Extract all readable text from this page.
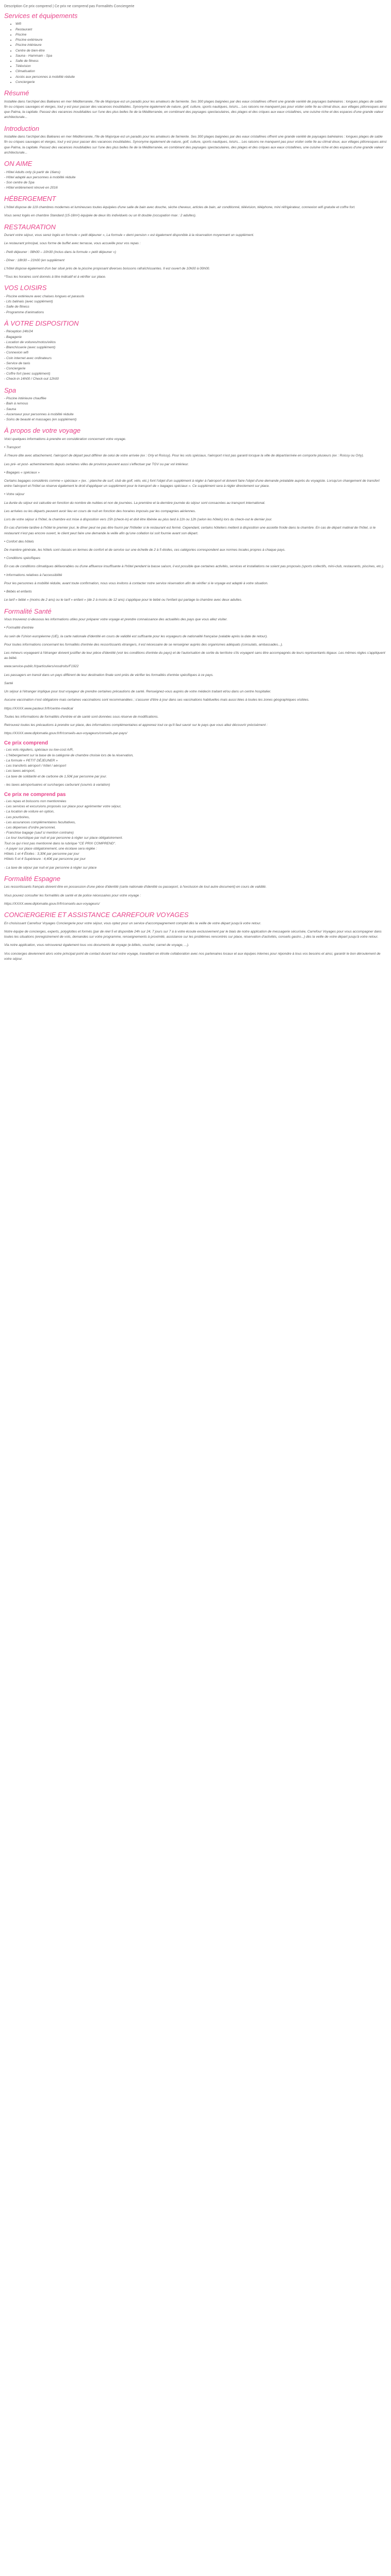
Description Ce prix comprend | Ce prix ne comprend pas Formalités Conciergerie
Services et équipements
• Wifi
• Restaurant
• Piscine
• Piscine extérieure
• Piscine intérieure
• Centre de bien-être
• Sauna - Hammam - Spa
• Salle de fitness
• Télévision
• Climatisation
• Accès aux personnes à mobilité réduite
• Conciergerie
Résumé

Installée dans l'archipel des Baléares en mer Méditerranée, l'île de Majorque est un paradis pour les amateurs de farniente. Ses 300 plages baignées par des eaux cristallines offrent une grande variété de paysages balnéaires : longues plages de sable fin ou criques sauvages et vierges, tout y est pour passer des vacances inoubliables. Synonyme également de nature, golf, culture, sports nautiques, loisirs... Les raisons ne manquent pas pour visiter cette île au climat doux, aux villages pittoresques ainsi que Palma, la capitale. Passez des vacances inoubliables sur l'une des plus belles île de la Méditerranée, en combinant des paysages spectaculaires, des plages et des criques aux eaux cristallines, une cuisine riche et des espaces d'une grande valeur architecturale...

Introduction

Installée dans l'archipel des Baléares en mer Méditerranée, l'île de Majorque est un paradis pour les amateurs de farniente. Ses 300 plages baignées par des eaux cristallines offrent une grande variété de paysages balnéaires : longues plages de sable fin ou criques sauvages et vierges, tout y est pour passer des vacances inoubliables. Synonyme également de nature, golf, culture, sports nautiques, loisirs... Les raisons ne manquent pas pour visiter cette île au climat doux, aux villages pittoresques ainsi que Palma, la capitale. Passez des vacances inoubliables sur l'une des plus belles île de la Méditerranée, en combinant des paysages spectaculaires, des plages et des criques aux eaux cristallines, une cuisine riche et des espaces d'une grande valeur architecturale...

ON AIME
- Hôtel Adults only (à partir de 16ans)
- Hôtel adapté aux personnes à mobilité réduite
- Son centre de Spa
- Hôtel entièrement rénové en 2016
HÉBERGEMENT

L'hôtel dispose de 119 chambres modernes et lumineuses toutes équipées d'une salle de bain avec douche, sèche cheveux, articles de bain, air conditionné, télévision, téléphone, mini réfrigérateur, connexion wifi gratuite et coffre fort.

Vous serez logés en chambre Standard (15-18m²) équipée de deux lits individuels ou un lit double (occupation max : 2 adultes).

RESTAURATION

Durant votre séjour, vous serez logés en formule « petit déjeuner », La formule « demi pension » est également disponible à la réservation moyennant un supplément.

Le restaurant principal, sous forme de buffet avec terrasse, vous accueille pour vos repas :

- Petit déjeuner : 08h00 – 10h30 (inclus dans la formule « petit déjeuner »)

- Dîner : 18h30 – 21h00 (en supplément

L'hôtel dispose également d'un bar situé près de la piscine proposant diverses boissons rafraîchissantes. Il est ouvert de 10h00 à 00h00.

*Tous les horaires sont donnés à titre indicatif et à vérifier sur place.

VOS LOISIRS
- Piscine extérieure avec chaises longues et parasols
- Lits balinais (avec supplément)
- Salle de fitness
- Programme d'animations
À VOTRE DISPOSITION
- Réception 24h/24
- Bagagerie
- Location de voitures/motos/vélos
- Blanchisserie (avec supplément)
- Connexion wifi
- Coin internet avec ordinateurs
- Service de taxis
- Conciergerie
- Coffre fort (avec supplément)
- Check-in 14h00 / Check-out 12h00
Spa
- Piscine intérieure chauffée
- Bain à remous
- Sauna
- Ascenseur pour personnes à mobilité réduite
- Soins de beauté et massages (en supplément)
À propos de votre voyage

Voici quelques informations à prendre en considération concernant votre voyage.

• Transport

À l'heure dite avec attachement, l'aéroport de départ peut différer de celui de votre arrivée (ex : Orly et Roissy). Pour les vols spéciaux, l'aéroport n'est pas garanti lorsque la ville de départ/arrivée en comporte plusieurs (ex : Roissy ou Orly).

Les pré- et post- acheminements depuis certaines villes de province peuvent aussi s'effectuer par TGV ou par vol intérieur.

• Bagages « spéciaux »

Certains bagages considérés comme « spéciaux » (ex. : planche de surf, club de golf, vélo, etc.) font l'objet d'un supplément à régler à l'aéroport et doivent faire l'objet d'une demande préalable auprès du voyagiste. Lorsqu'un changement de transfert entre l'aéroport et l'hôtel se réserve également le droit d'appliquer un supplément pour le transport de « bagages spéciaux ». Ce supplément sera à régler directement sur place.

• Votre séjour

La durée du séjour est calculée en fonction du nombre de nuitées et non de journées. La première et la dernière journée du séjour sont consacrées au transport international.

Les arrivées ou les départs peuvent avoir lieu en cours de nuit en fonction des horaires imposés par les compagnies aériennes.

Lors de votre séjour à l'hôtel, la chambre est mise à disposition vers 15h (check-in) et doit être libérée au plus tard à 11h ou 12h (selon les hôtels) lors du check-out le dernier jour.

En cas d'arrivée tardive à l'hôtel le premier jour, le dîner peut ne pas être fourni par l'hôtelier si le restaurant est fermé. Cependant, certains hôteliers mettent à disposition une assiette froide dans la chambre. En cas de départ matinal de l'hôtel, si le restaurant n'est pas encore ouvert, le client peut faire une demande la veille afin qu'une collation lui soit fournie avant son départ.

• Confort des hôtels

De manière générale, les hôtels sont classés en termes de confort et de service sur une échelle de 2 à 5 étoiles, ces catégories correspondent aux normes locales propres à chaque pays.

• Conditions spécifiques

En cas de conditions climatiques défavorables ou d'une affluence insuffisante à l'hôtel pendant la basse saison, il est possible que certaines activités, services et installations ne soient pas proposés (sports collectifs, mini-club, restaurants, piscines, etc.).

• Informations relatives à l'accessibilité

Pour les personnes à mobilité réduite, avant toute confirmation, nous vous invitons à contacter notre service réservation afin de vérifier si le voyage est adapté à votre situation.

• Bébés et enfants

Le tarif « bébé » (moins de 2 ans) ou le tarif « enfant » (de 2 à moins de 12 ans) s'applique pour le bébé ou l'enfant qui partage la chambre avec deux adultes.

Formalité Santé

Vous trouverez ci-dessous les informations utiles pour préparer votre voyage et prendre connaissance des actualités des pays que vous allez visiter.

• Formalité d'entrée

Au sein de l'Union européenne (UE), la carte nationale d'identité en cours de validité est suffisante pour les voyageurs de nationalité française (valable après la date de retour).

Pour toutes informations concernant les formalités d'entrée des ressortissants étrangers, il est nécessaire de se renseigner auprès des organismes adéquats (consulats, ambassades...).

Les mineurs voyageant à l'étranger doivent justifier de leur pièce d'identité (voir les conditions d'entrée du pays) et de l'autorisation de sortie du territoire s'ils voyagent sans être accompagnés de leurs représentants légaux. Les mêmes règles s'appliquent au bébé.

www.service-public.fr/particuliers/vosdroits/F1922

Les passagers en transit dans un pays différent de leur destination finale sont priés de vérifier les formalités d'entrée spécifiques à ce pays.

Santé

Un séjour à l'étranger implique pour tout voyageur de prendre certaines précautions de santé. Renseignez-vous auprès de votre médecin traitant et/ou dans un centre hospitalier.

Aucune vaccination n'est obligatoire mais certaines vaccinations sont recommandées ; s'assurer d'être à jour dans ses vaccinations habituelles mais aussi liées à toutes les zones géographiques visitées.

https://XXXX.www.pasteur.fr/fr/centre-medical

Toutes les informations de formalités d'entrée et de santé sont données sous réserve de modifications.

Retrouvez toutes les précautions à prendre sur place, des informations complémentaires et apprenez tout ce qu'il faut savoir sur le pays que vous allez découvrir précisément :

https://XXXX.www.diplomatie.gouv.fr/fr/conseils-aux-voyageurs/conseils-par-pays/

Ce prix comprend
- Les vols réguliers, spéciaux ou low-cost A/R,
- L'hébergement sur la base de la catégorie de chambre choisie lors de la réservation,
- La formule « PETIT DÉJEUNER »
- Les transferts aéroport / hôtel / aéroport
- Les taxes aéroport,
- La taxe de solidarité et de carbone de 1,50€ par personne par jour.

- les taxes aéroportuaires et surcharges carburant (soumis à variation)

Ce prix ne comprend pas
- Les repas et boissons non mentionnées
- Les services et excursions proposés sur place pour agrémenter votre séjour,
- La location de voiture en option,
- Les pourboires,
- Les assurances complémentaires facultatives,
- Les dépenses d'ordre personnel,
- Franchise bagage (sauf si mention contraire)
- Le tour touristique par nuit et par personne à régler sur place obligatoirement.
Tout ce qui n'est pas mentionné dans la rubrique "CE PRIX COMPREND".
- A payer sur place obligatoirement, une écotaxe sera réglée :
Hôtels 1 et 4 Étoiles : 3,30€ par personne par jour
Hôtels 5 et 4 Supérieure : 4,40€ par personne par jour

- La taxe de séjour par nuit et par personne à régler sur place

Formalité Espagne

Les ressortissants français doivent être en possession d'une pièce d'identité (carte nationale d'identité ou passeport, à l'exclusion de tout autre document) en cours de validité.

Vous pouvez consulter les formalités de santé et de police nécessaires pour votre voyage :

https://XXXX.www.diplomatie.gouv.fr/fr/conseils-aux-voyageurs/

CONCIERGERIE ET ASSISTANCE CARREFOUR VOYAGES

En choisissant Carrefour Voyages Conciergerie pour votre séjour, vous optez pour un service d'accompagnement complet dès la veille de votre départ jusqu'à votre retour.

Notre équipe de concierges, experts, polyglottes et formés (par de réel 5 et disponible 24h sur 24, 7 jours sur 7 à à votre écoute exclusivement par le biais de notre application de messagerie sécurisée, Carrefour Voyages pour vous accompagner dans toutes les situations (enregistrement de vols, demandes sur votre programme, renseignements à proximité, assistance sur les problèmes rencontrés sur place, réservation d'activités, conseils gastro...) dès la veille de votre départ jusqu'à votre retour.

Via notre application, vous retrouverez également tous vos documents de voyage (e-billets, voucher, carnet de voyage, ...).

Vos concierges deviennent alors votre principal point de contact durant tout votre voyage, travaillant en étroite collaboration avec nos partenaires locaux et aux équipes internes pour répondre à tous vos besoins et ainsi, garantir le bon déroulement de votre séjour.
